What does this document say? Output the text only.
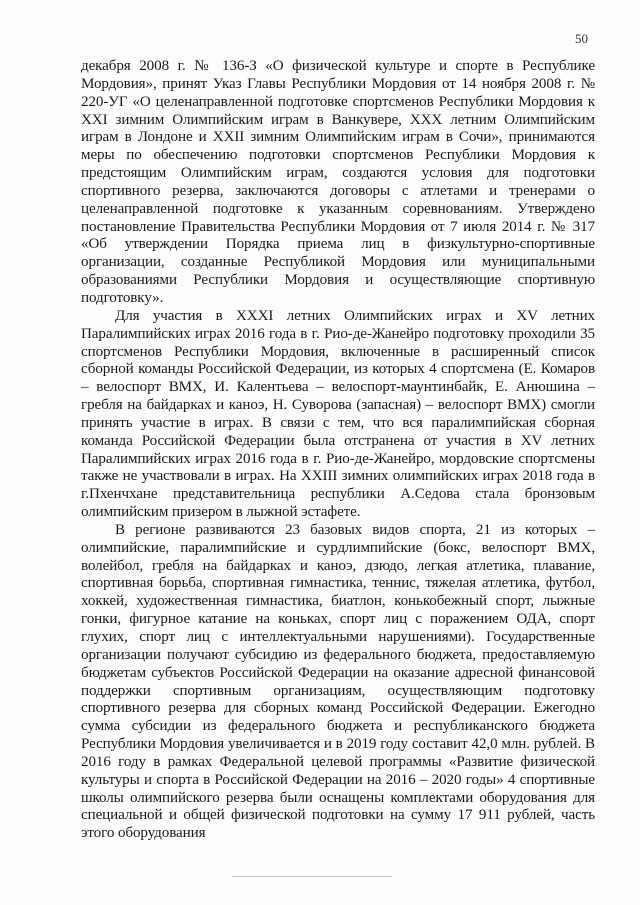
50

декабря 2008 г. № 136-З «О физической культуре и спорте в Республике Мордовия», принят Указ Главы Республики Мордовия от 14 ноября 2008 г. № 220-УГ «О целенаправленной подготовке спортсменов Республики Мордовия к XXI зимним Олимпийским играм в Ванкувере, XXX летним Олимпийским играм в Лондоне и XXII зимним Олимпийским играм в Сочи», принимаются меры по обеспечению подготовки спортсменов Республики Мордовия к предстоящим Олимпийским играм, создаются условия для подготовки спортивного резерва, заключаются договоры с атлетами и тренерами о целенаправленной подготовке к указанным соревнованиям. Утверждено постановление Правительства Республики Мордовия от 7 июля 2014 г. № 317 «Об утверждении Порядка приема лиц в физкультурно-спортивные организации, созданные Республикой Мордовия или муниципальными образованиями Республики Мордовия и осуществляющие спортивную подготовку».

Для участия в XXXI летних Олимпийских играх и XV летних Паралимпийских играх 2016 года в г. Рио-де-Жанейро подготовку проходили 35 спортсменов Республики Мордовия, включенные в расширенный список сборной команды Российской Федерации, из которых 4 спортсмена (Е. Комаров – велоспорт ВМХ, И. Калентьева – велоспорт-маунтинбайк, Е. Анюшина – гребля на байдарках и каноэ, Н. Суворова (запасная) – велоспорт ВМХ) смогли принять участие в играх. В связи с тем, что вся паралимпийская сборная команда Российской Федерации была отстранена от участия в XV летних Паралимпийских играх 2016 года в г. Рио-де-Жанейро, мордовские спортсмены также не участвовали в играх. На XXIII зимних олимпийских играх 2018 года в г.Пхенчхане представительница республики А.Седова стала бронзовым олимпийским призером в лыжной эстафете.

В регионе развиваются 23 базовых видов спорта, 21 из которых – олимпийские, паралимпийские и сурдлимпийские (бокс, велоспорт ВМХ, волейбол, гребля на байдарках и каноэ, дзюдо, легкая атлетика, плавание, спортивная борьба, спортивная гимнастика, теннис, тяжелая атлетика, футбол, хоккей, художественная гимнастика, биатлон, конькобежный спорт, лыжные гонки, фигурное катание на коньках, спорт лиц с поражением ОДА, спорт глухих, спорт лиц с интеллектуальными нарушениями). Государственные организации получают субсидию из федерального бюджета, предоставляемую бюджетам субъектов Российской Федерации на оказание адресной финансовой поддержки спортивным организациям, осуществляющим подготовку спортивного резерва для сборных команд Российской Федерации. Ежегодно сумма субсидии из федерального бюджета и республиканского бюджета Республики Мордовия увеличивается и в 2019 году составит 42,0 млн. рублей. В 2016 году в рамках Федеральной целевой программы «Развитие физической культуры и спорта в Российской Федерации на 2016 – 2020 годы» 4 спортивные школы олимпийского резерва были оснащены комплектами оборудования для специальной и общей физической подготовки на сумму 17 911 рублей, часть этого оборудования
